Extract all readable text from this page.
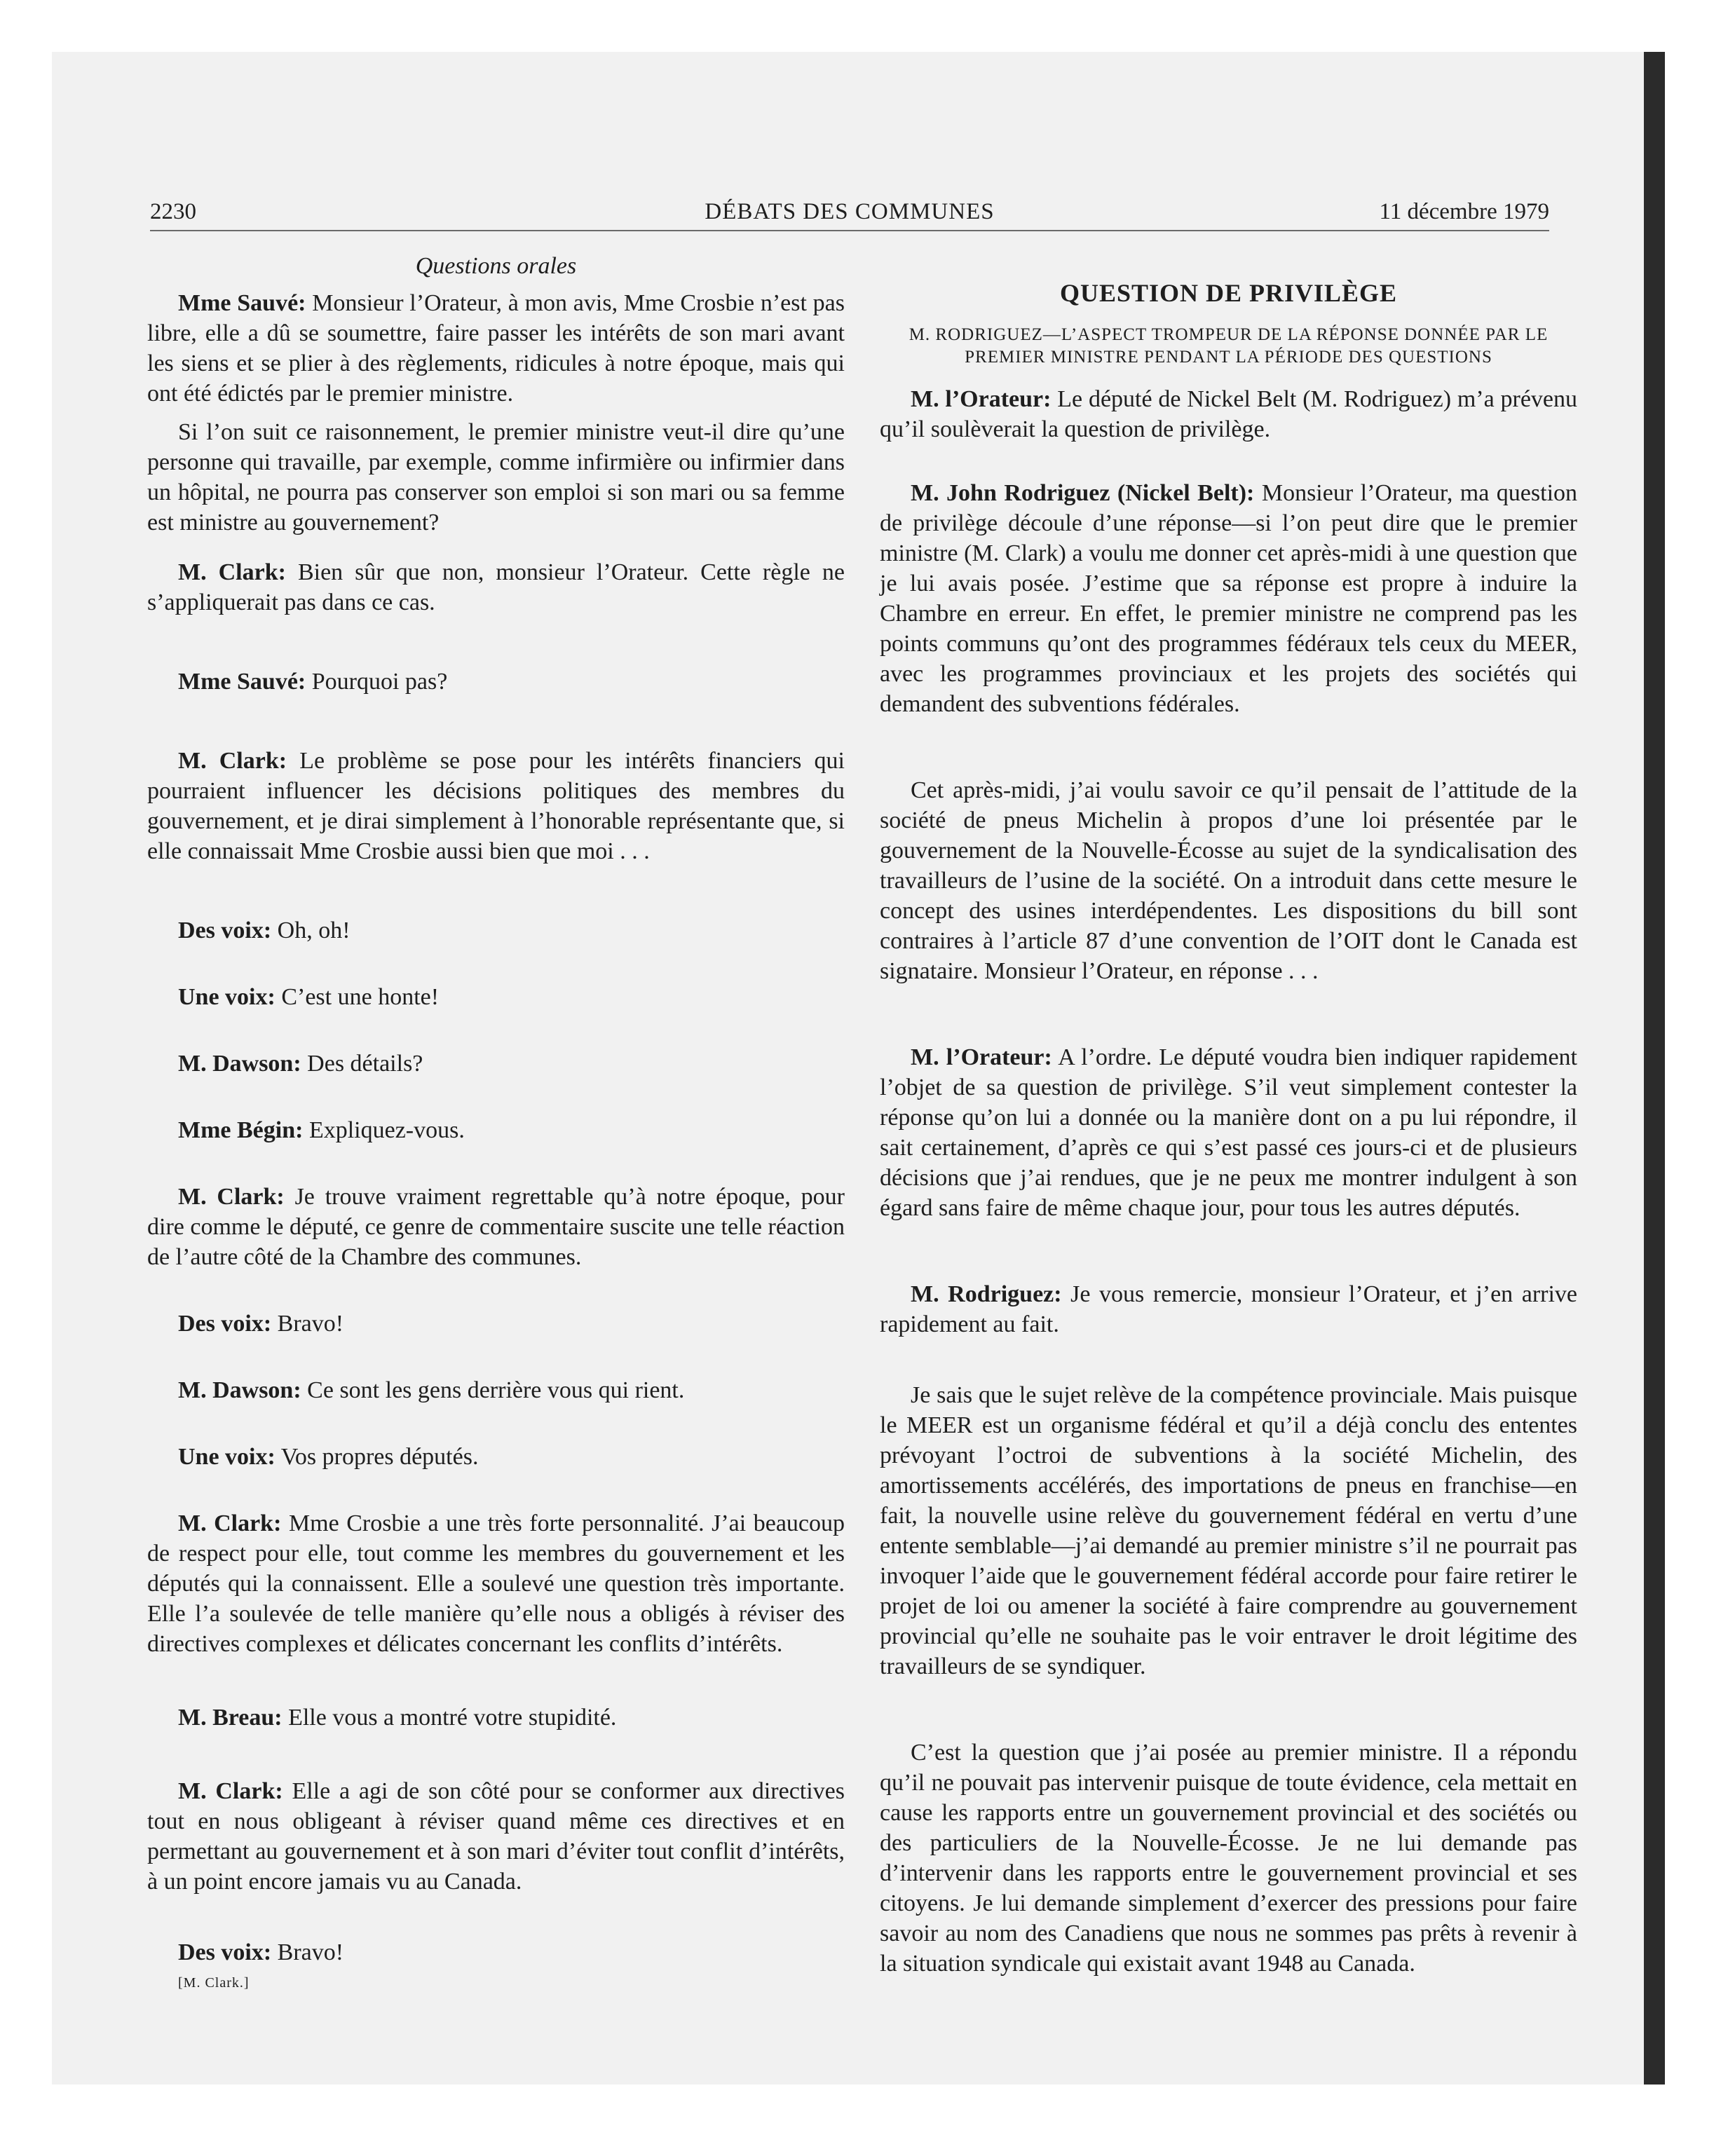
2230	DÉBATS DES COMMUNES	11 décembre 1979
Questions orales

Mme Sauvé: Monsieur l’Orateur, à mon avis, Mme Crosbie n’est pas libre, elle a dû se soumettre, faire passer les intérêts de son mari avant les siens et se plier à des règlements, ridicules à notre époque, mais qui ont été édictés par le premier ministre.

Si l’on suit ce raisonnement, le premier ministre veut-il dire qu’une personne qui travaille, par exemple, comme infirmière ou infirmier dans un hôpital, ne pourra pas conserver son emploi si son mari ou sa femme est ministre au gouvernement?

M. Clark: Bien sûr que non, monsieur l’Orateur. Cette règle ne s’appliquerait pas dans ce cas.

Mme Sauvé: Pourquoi pas?

M. Clark: Le problème se pose pour les intérêts financiers qui pourraient influencer les décisions politiques des membres du gouvernement, et je dirai simplement à l’honorable représentante que, si elle connaissait Mme Crosbie aussi bien que moi . . .

Des voix: Oh, oh!

Une voix: C’est une honte!

M. Dawson: Des détails?

Mme Bégin: Expliquez-vous.

M. Clark: Je trouve vraiment regrettable qu’à notre époque, pour dire comme le député, ce genre de commentaire suscite une telle réaction de l’autre côté de la Chambre des communes.

Des voix: Bravo!

M. Dawson: Ce sont les gens derrière vous qui rient.

Une voix: Vos propres députés.

M. Clark: Mme Crosbie a une très forte personnalité. J’ai beaucoup de respect pour elle, tout comme les membres du gouvernement et les députés qui la connaissent. Elle a soulevé une question très importante. Elle l’a soulevée de telle manière qu’elle nous a obligés à réviser des directives complexes et délicates concernant les conflits d’intérêts.

M. Breau: Elle vous a montré votre stupidité.

M. Clark: Elle a agi de son côté pour se conformer aux directives tout en nous obligeant à réviser quand même ces directives et en permettant au gouvernement et à son mari d’éviter tout conflit d’intérêts, à un point encore jamais vu au Canada.

Des voix: Bravo!

[M. Clark.]
QUESTION DE PRIVILÈGE
M. RODRIGUEZ—L’ASPECT TROMPEUR DE LA RÉPONSE DONNÉE PAR LE PREMIER MINISTRE PENDANT LA PÉRIODE DES QUESTIONS

M. l’Orateur: Le député de Nickel Belt (M. Rodriguez) m’a prévenu qu’il soulèverait la question de privilège.

M. John Rodriguez (Nickel Belt): Monsieur l’Orateur, ma question de privilège découle d’une réponse—si l’on peut dire que le premier ministre (M. Clark) a voulu me donner cet après-midi à une question que je lui avais posée. J’estime que sa réponse est propre à induire la Chambre en erreur. En effet, le premier ministre ne comprend pas les points communs qu’ont des programmes fédéraux tels ceux du MEER, avec les programmes provinciaux et les projets des sociétés qui demandent des subventions fédérales.

Cet après-midi, j’ai voulu savoir ce qu’il pensait de l’attitude de la société de pneus Michelin à propos d’une loi présentée par le gouvernement de la Nouvelle-Écosse au sujet de la syndicalisation des travailleurs de l’usine de la société. On a introduit dans cette mesure le concept des usines interdépendentes. Les dispositions du bill sont contraires à l’article 87 d’une convention de l’OIT dont le Canada est signataire. Monsieur l’Orateur, en réponse . . .

M. l’Orateur: A l’ordre. Le député voudra bien indiquer rapidement l’objet de sa question de privilège. S’il veut simplement contester la réponse qu’on lui a donnée ou la manière dont on a pu lui répondre, il sait certainement, d’après ce qui s’est passé ces jours-ci et de plusieurs décisions que j’ai rendues, que je ne peux me montrer indulgent à son égard sans faire de même chaque jour, pour tous les autres députés.

M. Rodriguez: Je vous remercie, monsieur l’Orateur, et j’en arrive rapidement au fait.

Je sais que le sujet relève de la compétence provinciale. Mais puisque le MEER est un organisme fédéral et qu’il a déjà conclu des ententes prévoyant l’octroi de subventions à la société Michelin, des amortissements accélérés, des importations de pneus en franchise—en fait, la nouvelle usine relève du gouvernement fédéral en vertu d’une entente semblable—j’ai demandé au premier ministre s’il ne pourrait pas invoquer l’aide que le gouvernement fédéral accorde pour faire retirer le projet de loi ou amener la société à faire comprendre au gouvernement provincial qu’elle ne souhaite pas le voir entraver le droit légitime des travailleurs de se syndiquer.

C’est la question que j’ai posée au premier ministre. Il a répondu qu’il ne pouvait pas intervenir puisque de toute évidence, cela mettait en cause les rapports entre un gouvernement provincial et des sociétés ou des particuliers de la Nouvelle-Écosse. Je ne lui demande pas d’intervenir dans les rapports entre le gouvernement provincial et ses citoyens. Je lui demande simplement d’exercer des pressions pour faire savoir au nom des Canadiens que nous ne sommes pas prêts à revenir à la situation syndicale qui existait avant 1948 au Canada.
